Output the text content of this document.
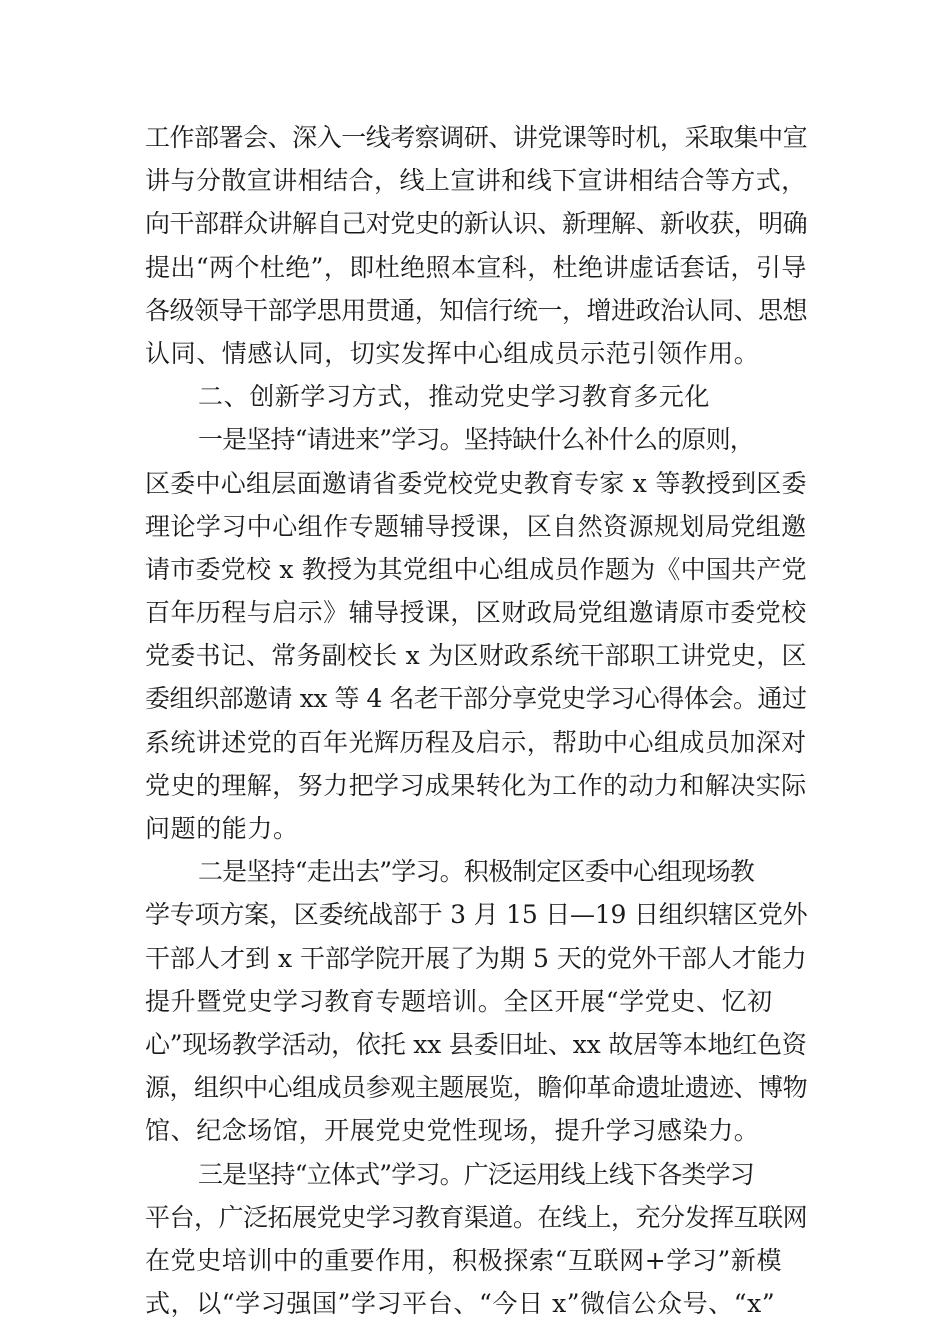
工作部署会、深入一线考察调研、讲党课等时机，采取集中宣
讲与分散宣讲相结合，线上宣讲和线下宣讲相结合等方式，
向干部群众讲解自己对党史的新认识、新理解、新收获，明确
提出“两个杜绝”，即杜绝照本宣科，杜绝讲虚话套话，引导
各级领导干部学思用贯通，知信行统一，增进政治认同、思想
认同、情感认同，切实发挥中心组成员示范引领作用。
二、创新学习方式，推动党史学习教育多元化
一是坚持“请进来”学习。坚持缺什么补什么的原则，
区委中心组层面邀请省委党校党史教育专家 x 等教授到区委
理论学习中心组作专题辅导授课，区自然资源规划局党组邀
请市委党校 x 教授为其党组中心组成员作题为《中国共产党
百年历程与启示》辅导授课，区财政局党组邀请原市委党校
党委书记、常务副校长 x 为区财政系统干部职工讲党史，区
委组织部邀请 xx 等 4 名老干部分享党史学习心得体会。通过
系统讲述党的百年光辉历程及启示，帮助中心组成员加深对
党史的理解，努力把学习成果转化为工作的动力和解决实际
问题的能力。
二是坚持“走出去”学习。积极制定区委中心组现场教
学专项方案，区委统战部于 3 月 15 日—19 日组织辖区党外
干部人才到 x 干部学院开展了为期 5 天的党外干部人才能力
提升暨党史学习教育专题培训。全区开展“学党史、忆初
心”现场教学活动，依托 xx 县委旧址、xx 故居等本地红色资
源，组织中心组成员参观主题展览，瞻仰革命遗址遗迹、博物
馆、纪念场馆，开展党史党性现场，提升学习感染力。
三是坚持“立体式”学习。广泛运用线上线下各类学习
平台，广泛拓展党史学习教育渠道。在线上，充分发挥互联网
在党史培训中的重要作用，积极探索“互联网+学习”新模
式，以“学习强国”学习平台、“今日 x”微信公众号、“x”
